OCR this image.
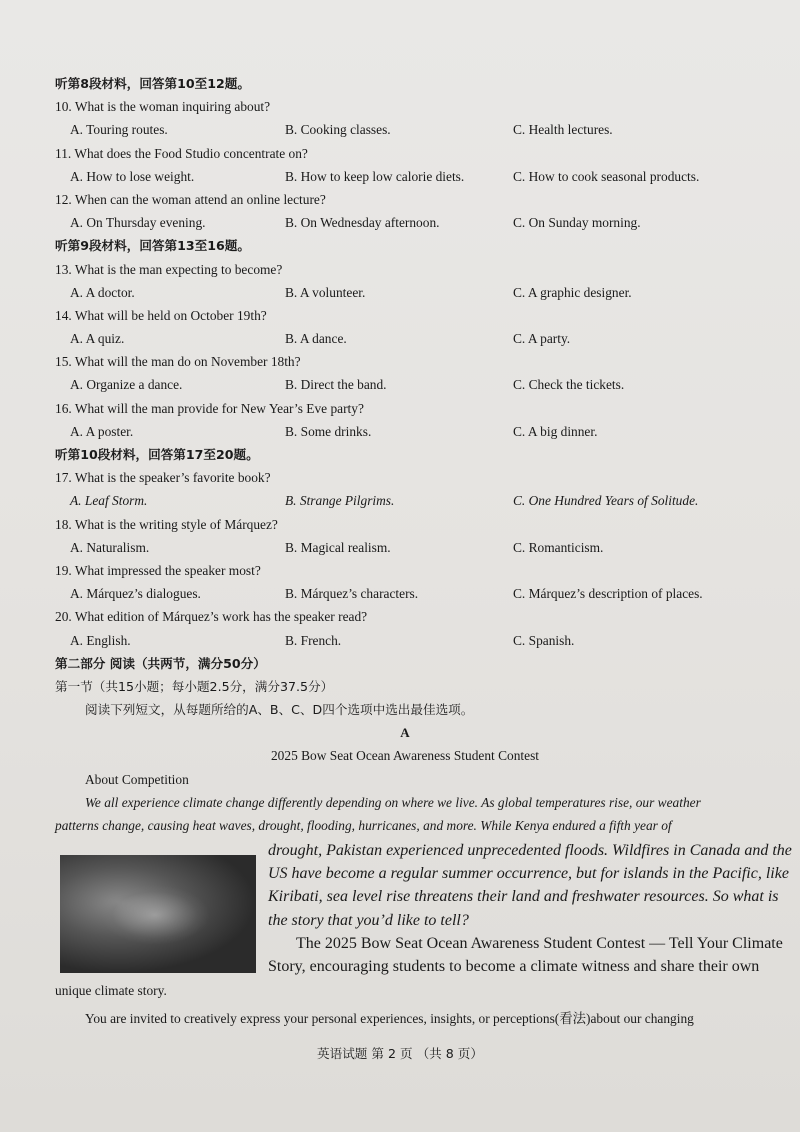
听第8段材料，回答第10至12题。
10. What is the woman inquiring about?
A. Touring routes.	B. Cooking classes.	C. Health lectures.
11. What does the Food Studio concentrate on?
A. How to lose weight.	B. How to keep low calorie diets.	C. How to cook seasonal products.
12. When can the woman attend an online lecture?
A. On Thursday evening.	B. On Wednesday afternoon.	C. On Sunday morning.
听第9段材料，回答第13至16题。
13. What is the man expecting to become?
A. A doctor.	B. A volunteer.	C. A graphic designer.
14. What will be held on October 19th?
A. A quiz.	B. A dance.	C. A party.
15. What will the man do on November 18th?
A. Organize a dance.	B. Direct the band.	C. Check the tickets.
16. What will the man provide for New Year’s Eve party?
A. A poster.	B. Some drinks.	C. A big dinner.
听第10段材料，回答第17至20题。
17. What is the speaker’s favorite book?
A. Leaf Storm.	B. Strange Pilgrims.	C. One Hundred Years of Solitude.
18. What is the writing style of Márquez?
A. Naturalism.	B. Magical realism.	C. Romanticism.
19. What impressed the speaker most?
A. Márquez’s dialogues.	B. Márquez’s characters.	C. Márquez’s description of places.
20. What edition of Márquez’s work has the speaker read?
A. English.	B. French.	C. Spanish.
第二部分 阅读（共两节，满分50分）
第一节（共15小题；每小题2.5分，满分37.5分）
阅读下列短文，从每题所给的A、B、C、D四个选项中选出最佳选项。
A
2025 Bow Seat Ocean Awareness Student Contest
About Competition
We all experience climate change differently depending on where we live. As global temperatures rise, our weather
patterns change, causing heat waves, drought, flooding, hurricanes, and more. While Kenya endured a fifth year of
drought, Pakistan experienced unprecedented floods. Wildfires in Canada and the
US have become a regular summer occurrence, but for islands in the Pacific, like
Kiribati, sea level rise threatens their land and freshwater resources. So what is
the story that you’d like to tell?
The 2025 Bow Seat Ocean Awareness Student Contest — Tell Your Climate
Story, encouraging students to become a climate witness and share their own
unique climate story.
You are invited to creatively express your personal experiences, insights, or perceptions(看法)about our changing
英语试题 第 2 页 （共 8 页）
